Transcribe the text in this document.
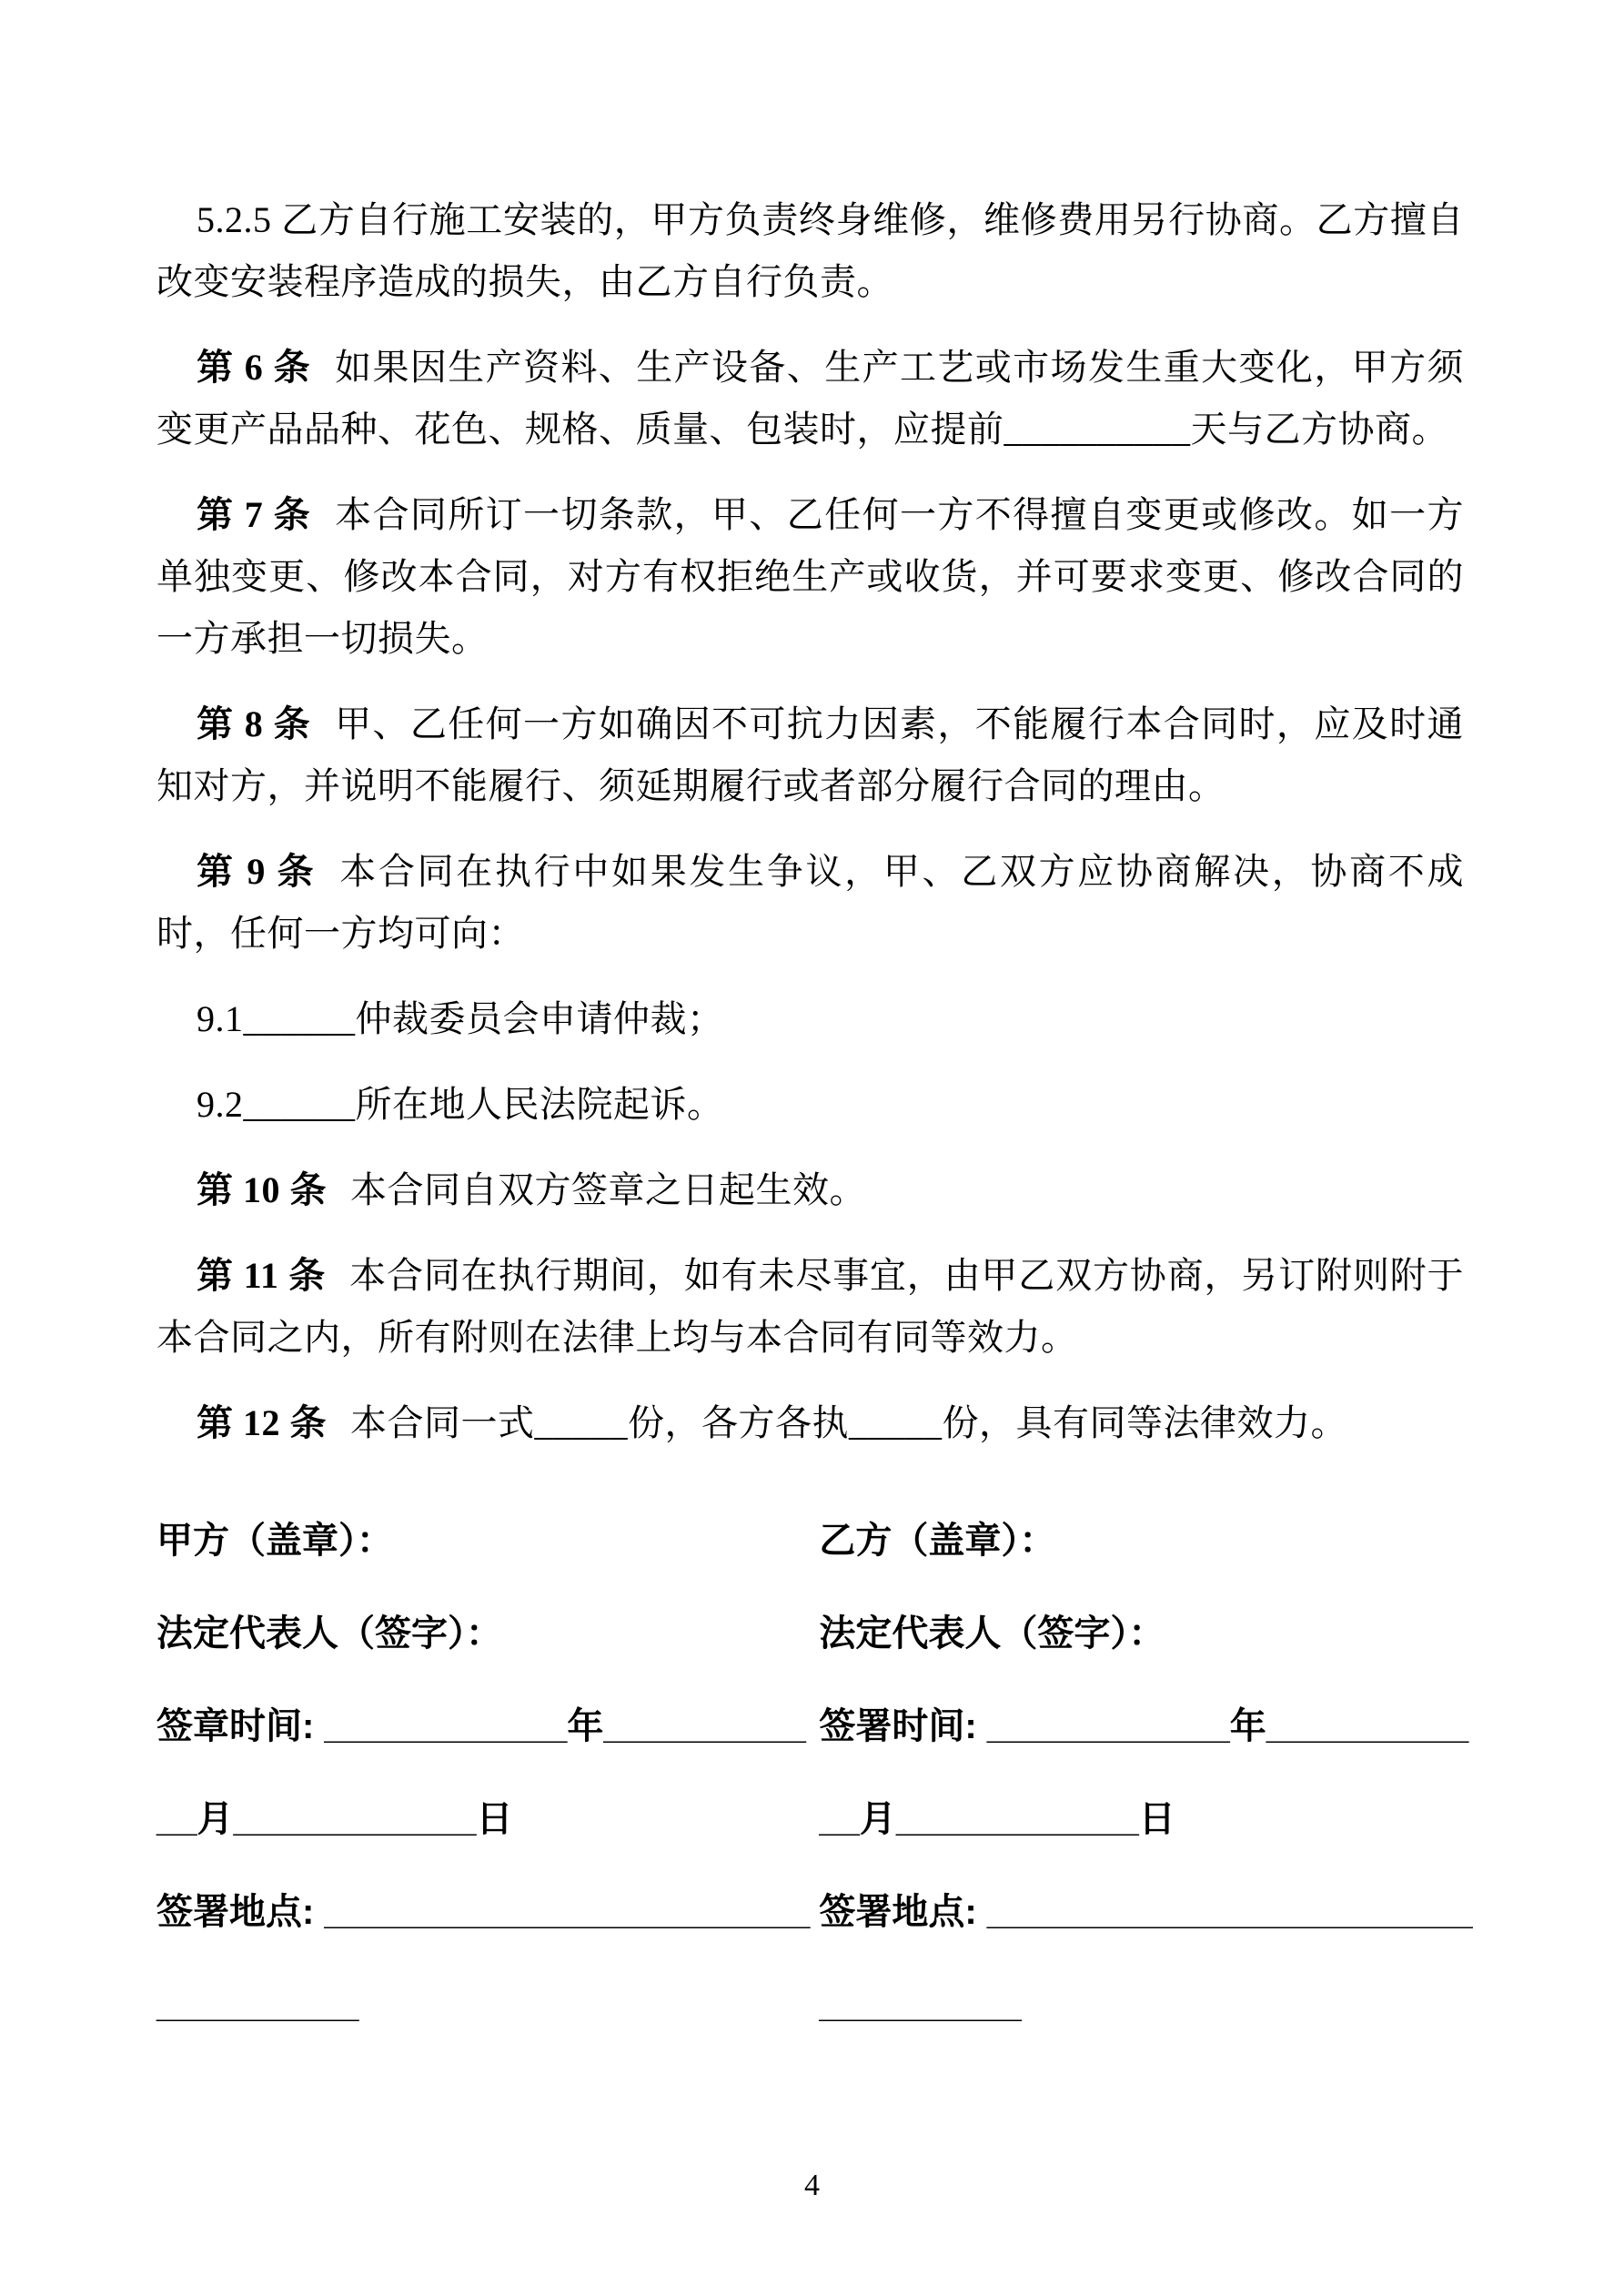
5.2.5 乙方自行施工安装的，甲方负责终身维修，维修费用另行协商。乙方擅自改变安装程序造成的损失，由乙方自行负责。

第 6 条 如果因生产资料、生产设备、生产工艺或市场发生重大变化，甲方须变更产品品种、花色、规格、质量、包装时，应提前__________天与乙方协商。

第 7 条 本合同所订一切条款，甲、乙任何一方不得擅自变更或修改。如一方单独变更、修改本合同，对方有权拒绝生产或收货，并可要求变更、修改合同的一方承担一切损失。

第 8 条 甲、乙任何一方如确因不可抗力因素，不能履行本合同时，应及时通知对方，并说明不能履行、须延期履行或者部分履行合同的理由。

第 9 条 本合同在执行中如果发生争议，甲、乙双方应协商解决，协商不成时，任何一方均可向：

9.1______仲裁委员会申请仲裁；

9.2______所在地人民法院起诉。

第 10 条 本合同自双方签章之日起生效。

第 11 条 本合同在执行期间，如有未尽事宜，由甲乙双方协商，另订附则附于本合同之内，所有附则在法律上均与本合同有同等效力。

第 12 条 本合同一式_____份，各方各执_____份，具有同等法律效力。

甲方（盖章）：
法定代表人（签字）：
签章时间: ____________年__________
__月____________日
签署地点: ________________________
__________
乙方（盖章）：
法定代表人（签字）：
签署时间: ____________年__________
__月____________日
签署地点: ________________________
__________
4
